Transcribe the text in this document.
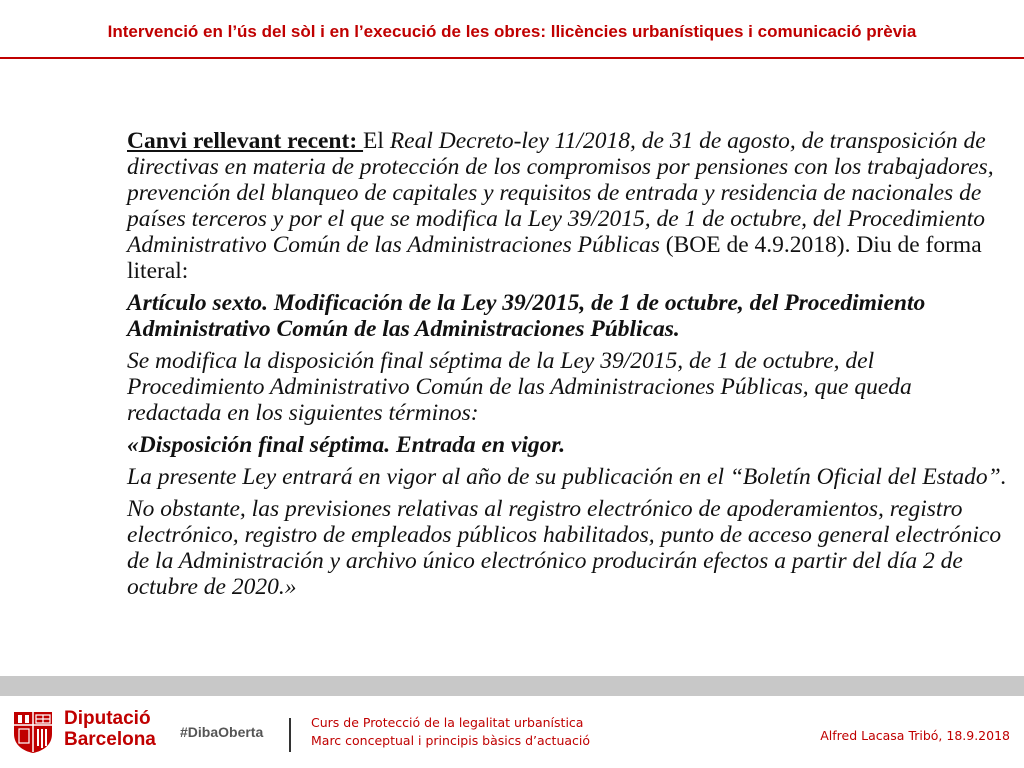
Intervenció en l’ús del sòl i en l’execució de les obres: llicències urbanístiques i comunicació prèvia

Canvi rellevant recent: El Real Decreto-ley 11/2018, de 31 de agosto, de transposición de directivas en materia de protección de los compromisos por pensiones con los trabajadores, prevención del blanqueo de capitales y requisitos de entrada y residencia de nacionales de países terceros y por el que se modifica la Ley 39/2015, de 1 de octubre, del Procedimiento Administrativo Común de las Administraciones Públicas (BOE de 4.9.2018). Diu de forma literal:

Artículo sexto. Modificación de la Ley 39/2015, de 1 de octubre, del Procedimiento Administrativo Común de las Administraciones Públicas.

Se modifica la disposición final séptima de la Ley 39/2015, de 1 de octubre, del Procedimiento Administrativo Común de las Administraciones Públicas, que queda redactada en los siguientes términos:

«Disposición final séptima. Entrada en vigor.

La presente Ley entrará en vigor al año de su publicación en el “Boletín Oficial del Estado”.

No obstante, las previsiones relativas al registro electrónico de apoderamientos, registro electrónico, registro de empleados públicos habilitados, punto de acceso general electrónico de la Administración y archivo único electrónico producirán efectos a partir del día 2 de octubre de 2020.»

Diputació
Barcelona #DibaOberta
Curs de Protecció de la legalitat urbanística
Marc conceptual i principis bàsics d’actuació	Alfred Lacasa Tribó, 18.9.2018
